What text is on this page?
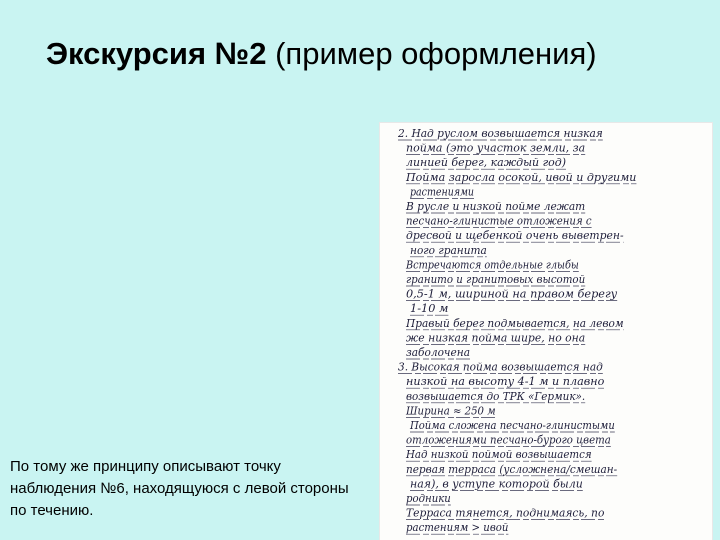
Экскурсия №2 (пример оформления)
2. Над руслом возвышается низкая
пойма (это участок земли, за
линией берег, каждый год)
Пойма заросла осокой, ивой и другими
растениями
В русле и низкой пойме лежат
песчано-глинистые отложения с
дресвой и щебенкой очень выветрен-
ного гранита
Встречаются отдельные глыбы
гранито и гранитовых высотой
0,5-1 м, шириной на правом берегу
1-10 м
Правый берег подмывается, на левом
же низкая пойма шире, но она
заболочена
3. Высокая пойма возвышается над
низкой на высоту 4-1 м и плавно
возвышается до ТРК «Гермик».
Ширина ≈ 250 м
Пойма сложена песчано-глинистыми
отложениями песчано-бурого цвета
Над низкой поймой возвышается
первая терраса (усложнена/смешан-
ная), в уступе которой были
родники
Терраса тянется, поднимаясь, по
растениям > ивой
По тому же принципу описывают точку наблюдения №6, находящуюся с левой стороны по течению.
